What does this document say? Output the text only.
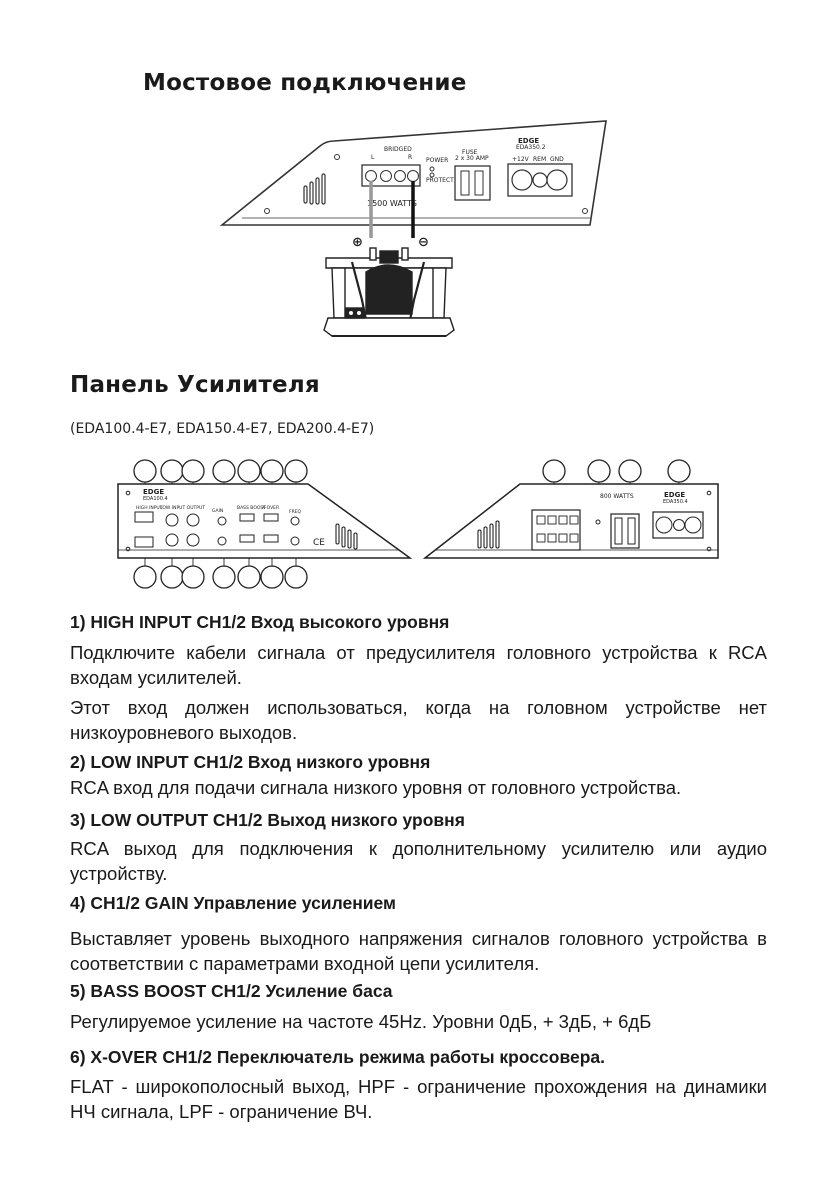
Мостовое подключение
BRIDGED
L	R
1500 WATTS
POWER
PROTECT
FUSE
2 x 30 AMP
EDGE
EDA350.2
+12V REM GND
⊕	⊖
Панель Усилителя
(EDA100.4-E7, EDA150.4-E7, EDA200.4-E7)
EDGE
EDA100.4
HIGH INPUT
LOW INPUT OUTPUT
GAIN
BASS BOOST
X-OVER
FREQ
CE
800 WATTS	EDGE
EDA350.4
1) HIGH INPUT CH1/2 Вход высокого уровня

Подключите кабели сигнала от предусилителя головного устройства к RCA входам усилителей.

Этот вход должен использоваться, когда на головном устройстве нет низкоуровневого выходов.

2) LOW INPUT CH1/2 Вход низкого уровня

RCA вход для подачи сигнала низкого уровня от головного устройства.

3) LOW OUTPUT CH1/2 Выход низкого уровня

RCA выход для подключения к дополнительному усилителю или аудио устройству.

4) CH1/2 GAIN Управление усилением

Выставляет уровень выходного напряжения сигналов головного устройства в соответствии с параметрами входной цепи усилителя.

5) BASS BOOST CH1/2 Усиление баса

Регулируемое усиление на частоте 45Hz. Уровни 0дБ, + 3дБ, + 6дБ

6) X-OVER CH1/2 Переключатель режима работы кроссовера.

FLAT - широкополосный выход, HPF - ограничение прохождения на динамики НЧ сигнала, LPF - ограничение ВЧ.
